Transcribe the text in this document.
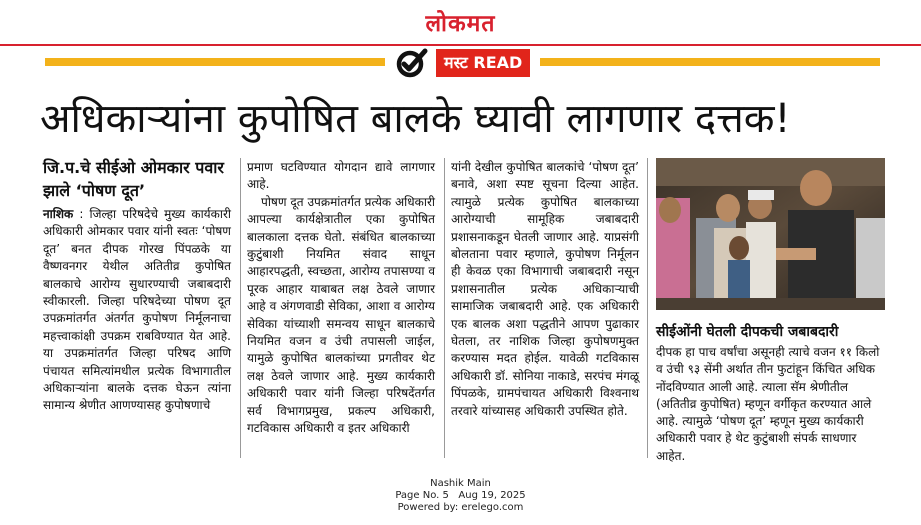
लोकमत
मस्ट READ
अधिकाऱ्यांना कुपोषित बालके घ्यावी लागणार दत्तक!
जि.प.चे सीईओ ओमकार पवार झाले ‘पोषण दूत’
नाशिक : जिल्हा परिषदेचे मुख्य कार्यकारी अधिकारी ओमकार पवार यांनी स्वतः ‘पोषण दूत’ बनत दीपक गोरख पिंपळके या वैष्णवनगर येथील अतितीव्र कुपोषित बालकाचे आरोग्य सुधारण्याची जबाबदारी स्वीकारली. जिल्हा परिषदेच्या पोषण दूत उपक्रमांतर्गत अंतर्गत कुपोषण निर्मूलनाचा महत्त्वाकांक्षी उपक्रम राबविण्यात येत आहे. या उपक्रमांतर्गत जिल्हा परिषद आणि पंचायत समित्यांमधील प्रत्येक विभागातील अधिकाऱ्यांना बालके दत्तक घेऊन त्यांना सामान्य श्रेणीत आणण्यासह कुपोषणाचे
प्रमाण घटविण्यात योगदान द्यावे लागणार आहे.
पोषण दूत उपक्रमांतर्गत प्रत्येक अधिकारी आपल्या कार्यक्षेत्रातील एका कुपोषित बालकाला दत्तक घेतो. संबंधित बालकाच्या कुटुंबाशी नियमित संवाद साधून आहारपद्धती, स्वच्छता, आरोग्य तपासण्या व पूरक आहार याबाबत लक्ष ठेवले जाणार आहे व अंगणवाडी सेविका, आशा व आरोग्य सेविका यांच्याशी समन्वय साधून बालकाचे नियमित वजन व उंची तपासली जाईल, यामुळे कुपोषित बालकांच्या प्रगतीवर थेट लक्ष ठेवले जाणार आहे. मुख्य कार्यकारी अधिकारी पवार यांनी जिल्हा परिषदेंतर्गत सर्व विभागप्रमुख, प्रकल्प अधिकारी, गटविकास अधिकारी व इतर अधिकारी
यांनी देखील कुपोषित बालकांचे ‘पोषण दूत’ बनावे, अशा स्पष्ट सूचना दिल्या आहेत. त्यामुळे प्रत्येक कुपोषित बालकाच्या आरोग्याची सामूहिक जबाबदारी प्रशासनाकडून घेतली जाणार आहे. याप्रसंगी बोलताना पवार म्हणाले, कुपोषण निर्मूलन ही केवळ एका विभागाची जबाबदारी नसून प्रशासनातील प्रत्येक अधिकाऱ्याची सामाजिक जबाबदारी आहे. एक अधिकारी एक बालक अशा पद्धतीने आपण पुढाकार घेतला, तर नाशिक जिल्हा कुपोषणमुक्त करण्यास मदत होईल. यावेळी गटविकास अधिकारी डॉ. सोनिया नाकाडे, सरपंच मंगळू पिंपळके, ग्रामपंचायत अधिकारी विश्वनाथ तरवारे यांच्यासह अधिकारी उपस्थित होते.
सीईओंनी घेतली दीपकची जबाबदारी
दीपक हा पाच वर्षांचा असूनही त्याचे वजन ११ किलो व उंची ९३ सेंमी अर्थात तीन फुटांहून किंचित अधिक नोंदविण्यात आली आहे. त्याला सॅम श्रेणीतील (अतितीव्र कुपोषित) म्हणून वर्गीकृत करण्यात आले आहे. त्यामुळे ‘पोषण दूत’ म्हणून मुख्य कार्यकारी अधिकारी पवार हे थेट कुटुंबाशी संपर्क साधणार आहेत.
Nashik Main
Page No. 5 Aug 19, 2025
Powered by: erelego.com
